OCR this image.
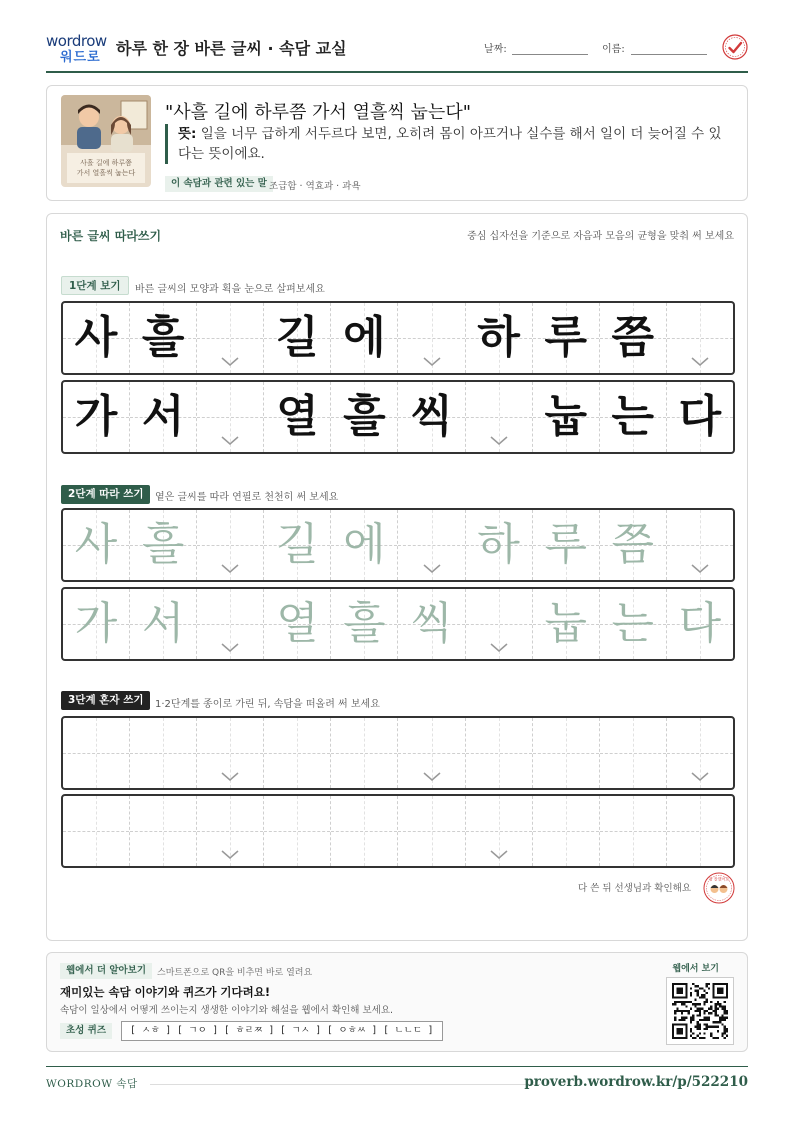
wordrow
워드로 하루 한 장 바른 글씨 · 속담 교실	날짜:	이름:
사흘 길에 하루쯤
가서 열흘씩 눕는다
"사흘 길에 하루쯤 가서 열흘씩 눕는다"
뜻: 일을 너무 급하게 서두르다 보면, 오히려 몸이 아프거나 실수를 해서 일이 더 늦어질 수 있다는 뜻이에요.
이 속담과 관련 있는 말 조급함 · 역효과 · 과욕
바른 글씨 따라쓰기	중심 십자선을 기준으로 자음과 모음의 균형을 맞춰 써 보세요
1단계 보기	바른 글씨의 모양과 획을 눈으로 살펴보세요
사 흘 길 에 하 루 쯤
가 서 열 흘 씩 눕 는 다
2단계 따라 쓰기	옅은 글씨를 따라 연필로 천천히 써 보세요
사 흘 길 에 하 루 쯤
가 서 열 흘 씩 눕 는 다
3단계 혼자 쓰기	1·2단계를 종이로 가린 뒤, 속담을 떠올려 써 보세요
다 쓴 뒤 선생님과 확인해요
참 잘했어요
웹에서 더 알아보기	스마트폰으로 QR을 비추면 바로 열려요
재미있는 속담 이야기와 퀴즈가 기다려요!
속담이 일상에서 어떻게 쓰이는지 생생한 이야기와 해설을 웹에서 확인해 보세요.
초성 퀴즈	[ ㅅㅎ ] [ ㄱㅇ ] [ ㅎㄹㅉ ] [ ㄱㅅ ] [ ㅇㅎㅆ ] [ ㄴㄴㄷ ]
웹에서 보기
WORDROW 속담	proverb.wordrow.kr/p/522210
